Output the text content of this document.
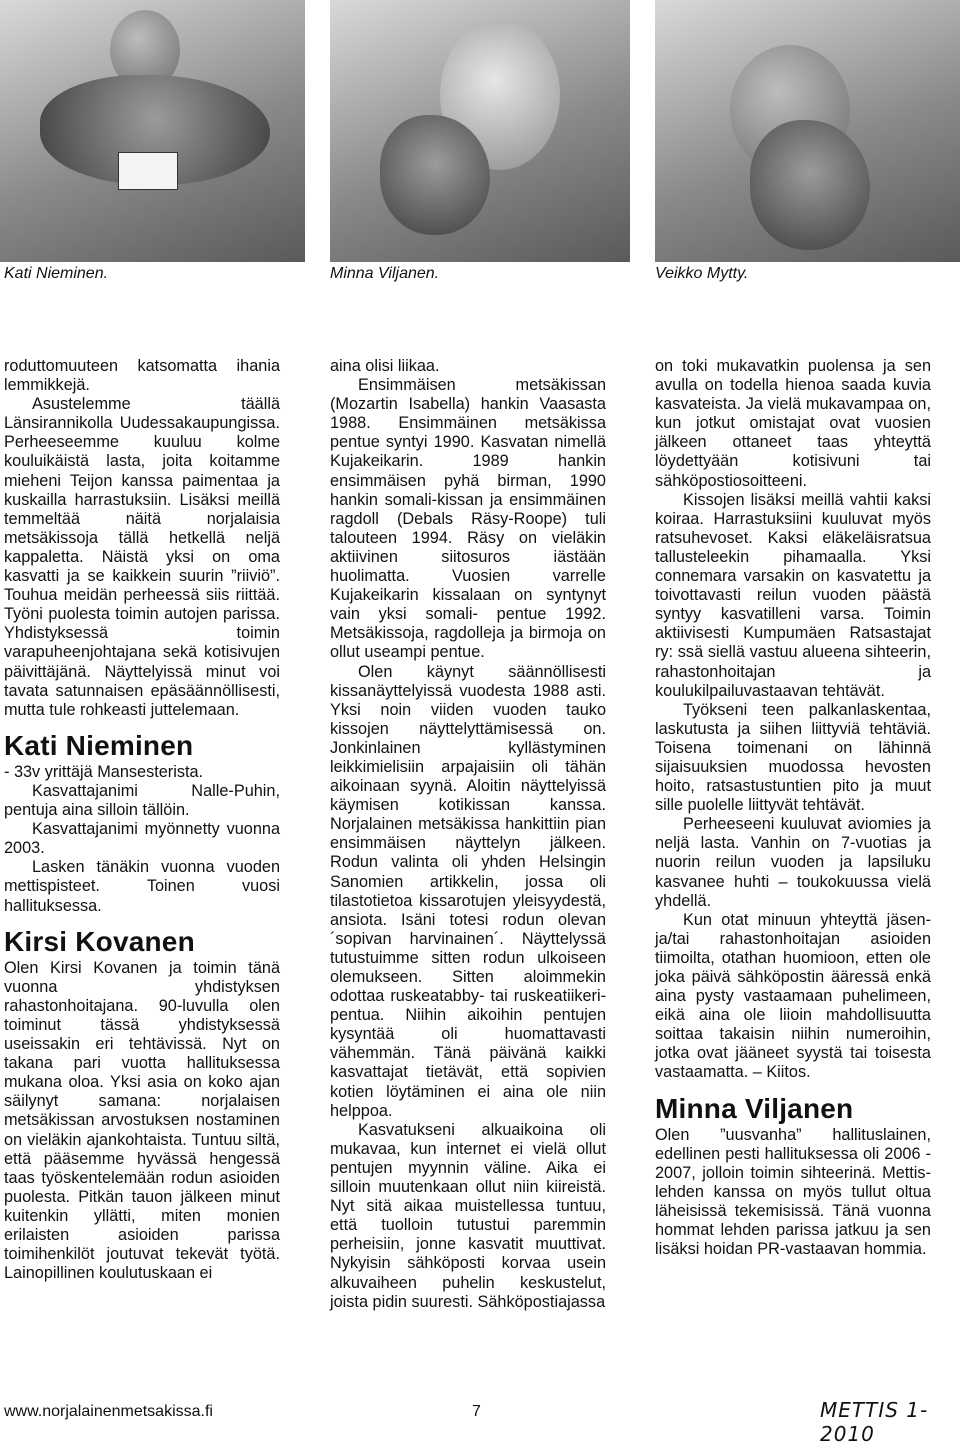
Kati Nieminen.	Minna Viljanen.	Veikko Mytty.

roduttomuuteen katsomatta ihania lemmikkejä.

Asustelemme täällä Länsirannikolla Uudessakaupungissa. Perheeseemme kuuluu kolme kouluikäistä lasta, joita koitamme mieheni Teijon kanssa paimentaa ja kuskailla harrastuksiin. Lisäksi meillä temmeltää näitä norjalaisia metsäkissoja tällä hetkellä neljä kappaletta. Näistä yksi on oma kasvatti ja se kaikkein suurin ”riiviö”. Touhua meidän perheessä siis riittää. Työni puolesta toimin autojen parissa. Yhdistyksessä toimin varapuheenjohtajana sekä kotisivujen päivittäjänä. Näyttelyissä minut voi tavata satunnaisen epäsäännöllisesti, mutta tule rohkeasti juttelemaan.

Kati Nieminen

- 33v yrittäjä Mansesterista.

Kasvattajanimi Nalle-Puhin, pentuja aina silloin tällöin.

Kasvattajanimi myönnetty vuonna 2003.

Lasken tänäkin vuonna vuoden mettispisteet. Toinen vuosi hallituksessa.

Kirsi Kovanen

Olen Kirsi Kovanen ja toimin tänä vuonna yhdistyksen rahastonhoitajana. 90-luvulla olen toiminut tässä yhdistyksessä useissakin eri tehtävissä. Nyt on takana pari vuotta hallituksessa mukana oloa. Yksi asia on koko ajan säilynyt samana: norjalaisen metsäkissan arvostuksen nostaminen on vieläkin ajankohtaista. Tuntuu siltä, että pääsemme hyvässä hengessä taas työskentelemään rodun asioiden puolesta. Pitkän tauon jälkeen minut kuitenkin yllätti, miten monien erilaisten asioiden parissa toimihenkilöt joutuvat tekevät työtä. Lainopillinen koulutuskaan ei

aina olisi liikaa.

Ensimmäisen metsäkissan (Mozartin Isabella) hankin Vaasasta 1988. Ensimmäinen metsäkissa pentue syntyi 1990. Kasvatan nimellä Kujakeikarin. 1989 hankin ensimmäisen pyhä birman, 1990 hankin somali-kissan ja ensimmäinen ragdoll (Debals Räsy-Roope) tuli talouteen 1994. Räsy on vieläkin aktiivinen siitosuros iästään huolimatta. Vuosien varrelle Kujakeikarin kissalaan on syntynyt vain yksi somali- pentue 1992. Metsäkissoja, ragdolleja ja birmoja on ollut useampi pentue.

Olen käynyt säännöllisesti kissanäyttelyissä vuodesta 1988 asti. Yksi noin viiden vuoden tauko kissojen näyttelyttämisessä on. Jonkinlainen kyllästyminen leikkimielisiin arpajaisiin oli tähän aikoinaan syynä. Aloitin näyttelyissä käymisen kotikissan kanssa. Norjalainen metsäkissa hankittiin pian ensimmäisen näyttelyn jälkeen. Rodun valinta oli yhden Helsingin Sanomien artikkelin, jossa oli tilastotietoa kissarotujen yleisyydestä, ansiota. Isäni totesi rodun olevan ´sopivan harvinainen´. Näyttelyssä tutustuimme sitten rodun ulkoiseen olemukseen. Sitten aloimmekin odottaa ruskeatabby- tai ruskeatiikeri- pentua. Niihin aikoihin pentujen kysyntää oli huomattavasti vähemmän. Tänä päivänä kaikki kasvattajat tietävät, että sopivien kotien löytäminen ei aina ole niin helppoa.

Kasvatukseni alkuaikoina oli mukavaa, kun internet ei vielä ollut pentujen myynnin väline. Aika ei silloin muutenkaan ollut niin kiireistä. Nyt sitä aikaa muistellessa tuntuu, että tuolloin tutustui paremmin perheisiin, jonne kasvatit muuttivat. Nykyisin sähköposti korvaa usein alkuvaiheen puhelin keskustelut, joista pidin suuresti. Sähköpostiajassa

on toki mukavatkin puolensa ja sen avulla on todella hienoa saada kuvia kasvateista. Ja vielä mukavampaa on, kun jotkut omistajat ovat vuosien jälkeen ottaneet taas yhteyttä löydettyään kotisivuni tai sähköpostiosoitteeni.

Kissojen lisäksi meillä vahtii kaksi koiraa. Harrastuksiini kuuluvat myös ratsuhevoset. Kaksi eläkeläisratsua tallusteleekin pihamaalla. Yksi connemara varsakin on kasvatettu ja toivottavasti reilun vuoden päästä syntyy kasvatilleni varsa. Toimin aktiivisesti Kumpumäen Ratsastajat ry: ssä siellä vastuu alueena sihteerin, rahastonhoitajan ja koulukilpailuvastaavan tehtävät.

Työkseni teen palkanlaskentaa, laskutusta ja siihen liittyviä tehtäviä. Toisena toimenani on lähinnä sijaisuuksien muodossa hevosten hoito, ratsastustuntien pito ja muut sille puolelle liittyvät tehtävät.

Perheeseeni kuuluvat aviomies ja neljä lasta. Vanhin on 7-vuotias ja nuorin reilun vuoden ja lapsiluku kasvanee huhti – toukokuussa vielä yhdellä.

Kun otat minuun yhteyttä jäsen-ja/tai rahastonhoitajan asioiden tiimoilta, otathan huomioon, etten ole joka päivä sähköpostin ääressä enkä aina pysty vastaamaan puhelimeen, eikä aina ole liioin mahdollisuutta soittaa takaisin niihin numeroihin, jotka ovat jääneet syystä tai toisesta vastaamatta. – Kiitos.

Minna Viljanen

Olen ”uusvanha” hallituslainen, edellinen pesti hallituksessa oli 2006 - 2007, jolloin toimin sihteerinä. Mettis-lehden kanssa on myös tullut oltua läheisissä tekemisissä. Tänä vuonna hommat lehden parissa jatkuu ja sen lisäksi hoidan PR-vastaavan hommia.

www.norjalainenmetsakissa.fi	7	METTIS 1-2010
